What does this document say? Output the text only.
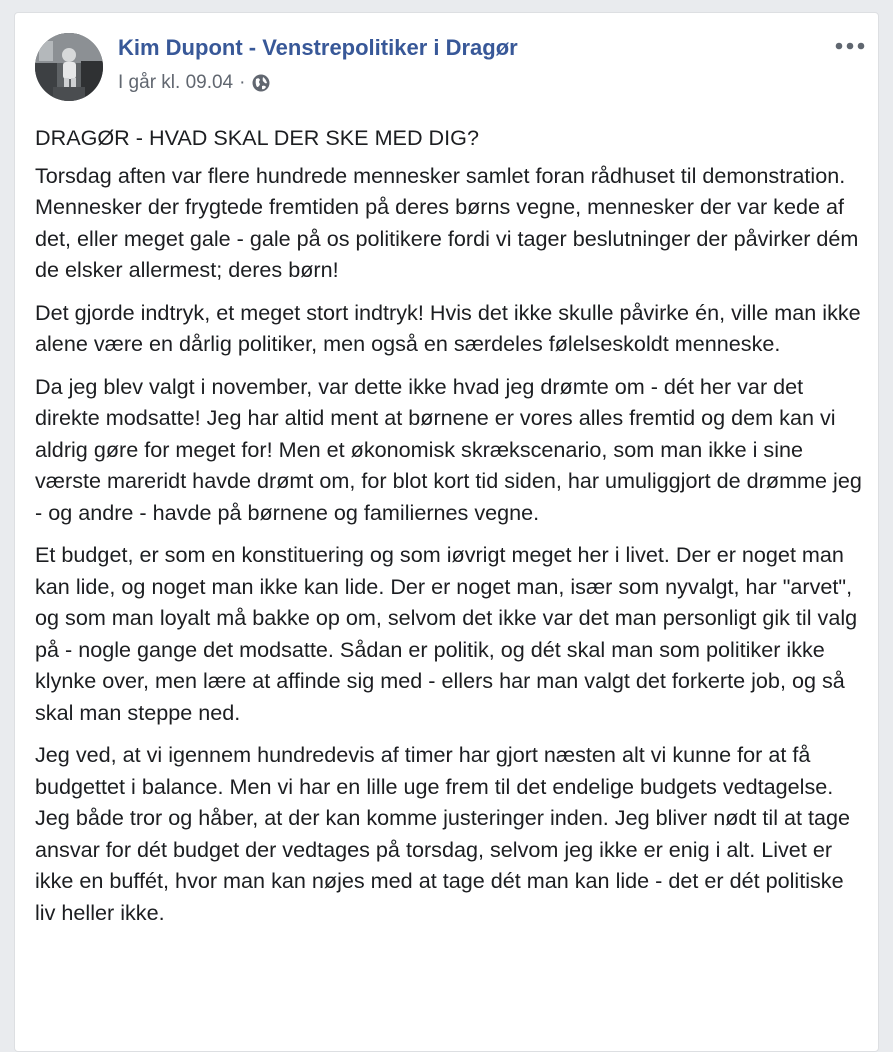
Kim Dupont - Venstrepolitiker i Dragør
I går kl. 09.04 ·

DRAGØR - HVAD SKAL DER SKE MED DIG?

Torsdag aften var flere hundrede mennesker samlet foran rådhuset til demonstration. Mennesker der frygtede fremtiden på deres børns vegne, mennesker der var kede af det, eller meget gale - gale på os politikere fordi vi tager beslutninger der påvirker dém de elsker allermest; deres børn!

Det gjorde indtryk, et meget stort indtryk! Hvis det ikke skulle påvirke én, ville man ikke alene være en dårlig politiker, men også en særdeles følelseskoldt menneske.

Da jeg blev valgt i november, var dette ikke hvad jeg drømte om - dét her var det direkte modsatte! Jeg har altid ment at børnene er vores alles fremtid og dem kan vi aldrig gøre for meget for! Men et økonomisk skrækscenario, som man ikke i sine værste mareridt havde drømt om, for blot kort tid siden, har umuliggjort de drømme jeg - og andre - havde på børnene og familiernes vegne.

Et budget, er som en konstituering og som iøvrigt meget her i livet. Der er noget man kan lide, og noget man ikke kan lide. Der er noget man, især som nyvalgt, har "arvet", og som man loyalt må bakke op om, selvom det ikke var det man personligt gik til valg på - nogle gange det modsatte. Sådan er politik, og dét skal man som politiker ikke klynke over, men lære at affinde sig med - ellers har man valgt det forkerte job, og så skal man steppe ned.

Jeg ved, at vi igennem hundredevis af timer har gjort næsten alt vi kunne for at få budgettet i balance. Men vi har en lille uge frem til det endelige budgets vedtagelse. Jeg både tror og håber, at der kan komme justeringer inden. Jeg bliver nødt til at tage ansvar for dét budget der vedtages på torsdag, selvom jeg ikke er enig i alt. Livet er ikke en buffét, hvor man kan nøjes med at tage dét man kan lide - det er dét politiske liv heller ikke.
